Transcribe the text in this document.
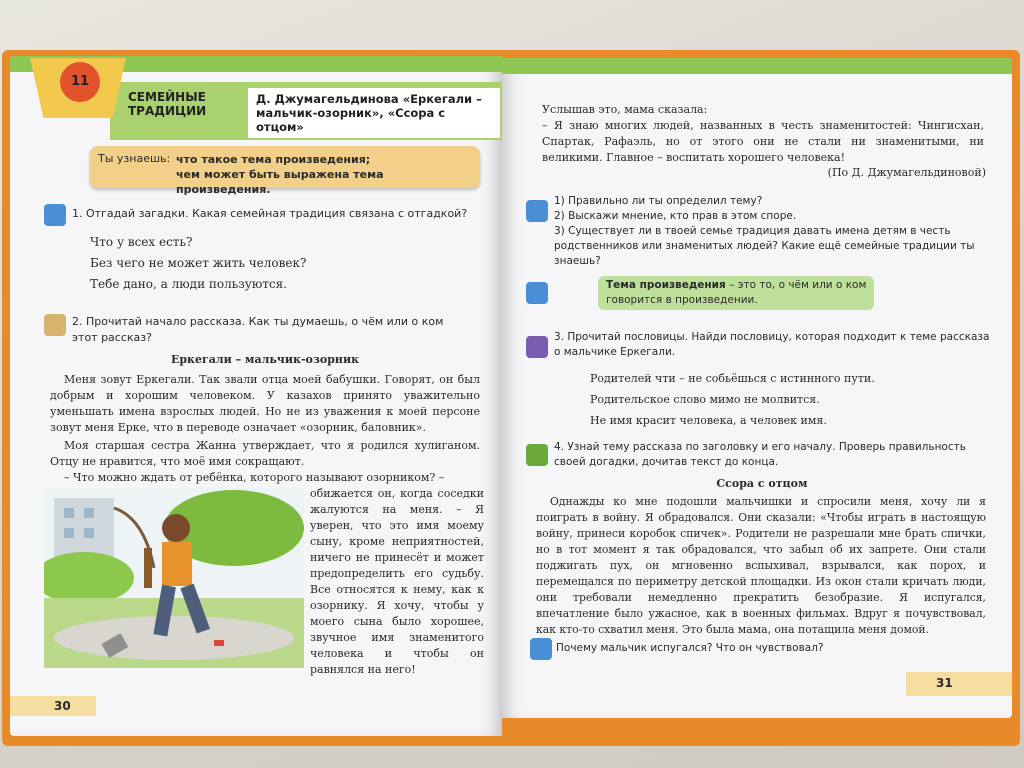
11
СЕМЕЙНЫЕ ТРАДИЦИИ
Д. Джумагельдинова «Еркегали – мальчик-озорник», «Ссора с отцом»
Ты узнаешь: что такое тема произведения;
чем может быть выражена тема произведения.
1. Отгадай загадки. Какая семейная традиция связана с отгадкой?
Что у всех есть?
Без чего не может жить человек?
Тебе дано, а люди пользуются.
2. Прочитай начало рассказа. Как ты думаешь, о чём или о ком этот рассказ?
Еркегали – мальчик-озорник
Меня зовут Еркегали. Так звали отца моей бабушки. Говорят, он был добрым и хорошим человеком. У казахов принято уважительно уменьшать имена взрослых людей. Но не из уважения к моей персоне зовут меня Ерке, что в переводе означает «озорник, баловник».
Моя старшая сестра Жанна утверждает, что я родился хулиганом. Отцу не нравится, что моё имя сокращают.
– Что можно ждать от ребёнка, которого называют озорником? –
обижается он, когда соседки жалуются на меня. – Я уверен, что это имя моему сыну, кроме неприятностей, ничего не принесёт и может предопределить его судьбу. Все относятся к нему, как к озорнику. Я хочу, чтобы у моего сына было хорошее, звучное имя знаменитого человека и чтобы он равнялся на него!
30
Услышав это, мама сказала:
– Я знаю многих людей, названных в честь знаменитостей: Чингисхан, Спартак, Рафаэль, но от этого они не стали ни знаменитыми, ни великими. Главное – воспитать хорошего человека!
(По Д. Джумагельдиновой)
1) Правильно ли ты определил тему?
2) Выскажи мнение, кто прав в этом споре.
3) Существует ли в твоей семье традиция давать имена детям в честь родственников или знаменитых людей? Какие ещё семейные традиции ты знаешь?
Тема произведения – это то, о чём или о ком говорится в произведении.
3. Прочитай пословицы. Найди пословицу, которая подходит к теме рассказа о мальчике Еркегали.
Родителей чти – не собьёшься с истинного пути.
Родительское слово мимо не молвится.
Не имя красит человека, а человек имя.
4. Узнай тему рассказа по заголовку и его началу. Проверь правильность своей догадки, дочитав текст до конца.
Ссора с отцом
Однажды ко мне подошли мальчишки и спросили меня, хочу ли я поиграть в войну. Я обрадовался. Они сказали: «Чтобы играть в настоящую войну, принеси коробок спичек». Родители не разрешали мне брать спички, но в тот момент я так обрадовался, что забыл об их запрете. Они стали поджигать пух, он мгновенно вспыхивал, взрывался, как порох, и перемещался по периметру детской площадки. Из окон стали кричать люди, они требовали немедленно прекратить безобразие. Я испугался, впечатление было ужасное, как в военных фильмах. Вдруг я почувствовал, как кто-то схватил меня. Это была мама, она потащила меня домой.
Почему мальчик испугался? Что он чувствовал?
31
